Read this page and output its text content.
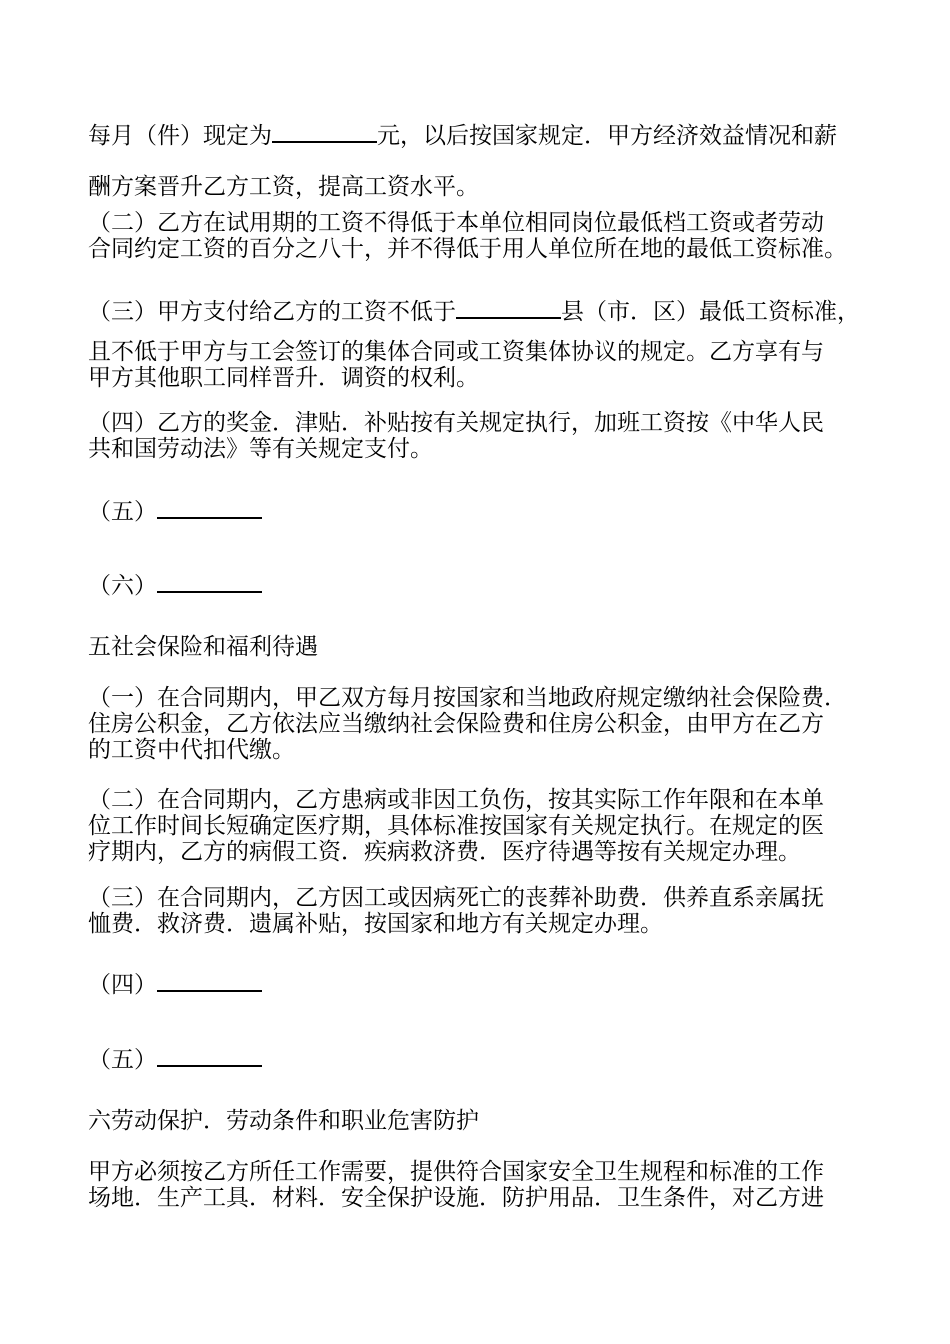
每月（件）现定为	元，以后按国家规定．甲方经济效益情况和薪
酬方案晋升乙方工资，提高工资水平。
（二）乙方在试用期的工资不得低于本单位相同岗位最低档工资或者劳动
合同约定工资的百分之八十，并不得低于用人单位所在地的最低工资标准。
（三）甲方支付给乙方的工资不低于	县（市．区）最低工资标准，
且不低于甲方与工会签订的集体合同或工资集体协议的规定。乙方享有与
甲方其他职工同样晋升．调资的权利。
（四）乙方的奖金．津贴．补贴按有关规定执行，加班工资按《中华人民
共和国劳动法》等有关规定支付。
（五）
（六）
五社会保险和福利待遇
（一）在合同期内，甲乙双方每月按国家和当地政府规定缴纳社会保险费．
住房公积金，乙方依法应当缴纳社会保险费和住房公积金，由甲方在乙方
的工资中代扣代缴。
（二）在合同期内，乙方患病或非因工负伤，按其实际工作年限和在本单
位工作时间长短确定医疗期，具体标准按国家有关规定执行。在规定的医
疗期内，乙方的病假工资．疾病救济费．医疗待遇等按有关规定办理。
（三）在合同期内，乙方因工或因病死亡的丧葬补助费．供养直系亲属抚
恤费．救济费．遗属补贴，按国家和地方有关规定办理。
（四）
（五）
六劳动保护．劳动条件和职业危害防护
甲方必须按乙方所任工作需要，提供符合国家安全卫生规程和标准的工作
场地．生产工具．材料．安全保护设施．防护用品．卫生条件，对乙方进
